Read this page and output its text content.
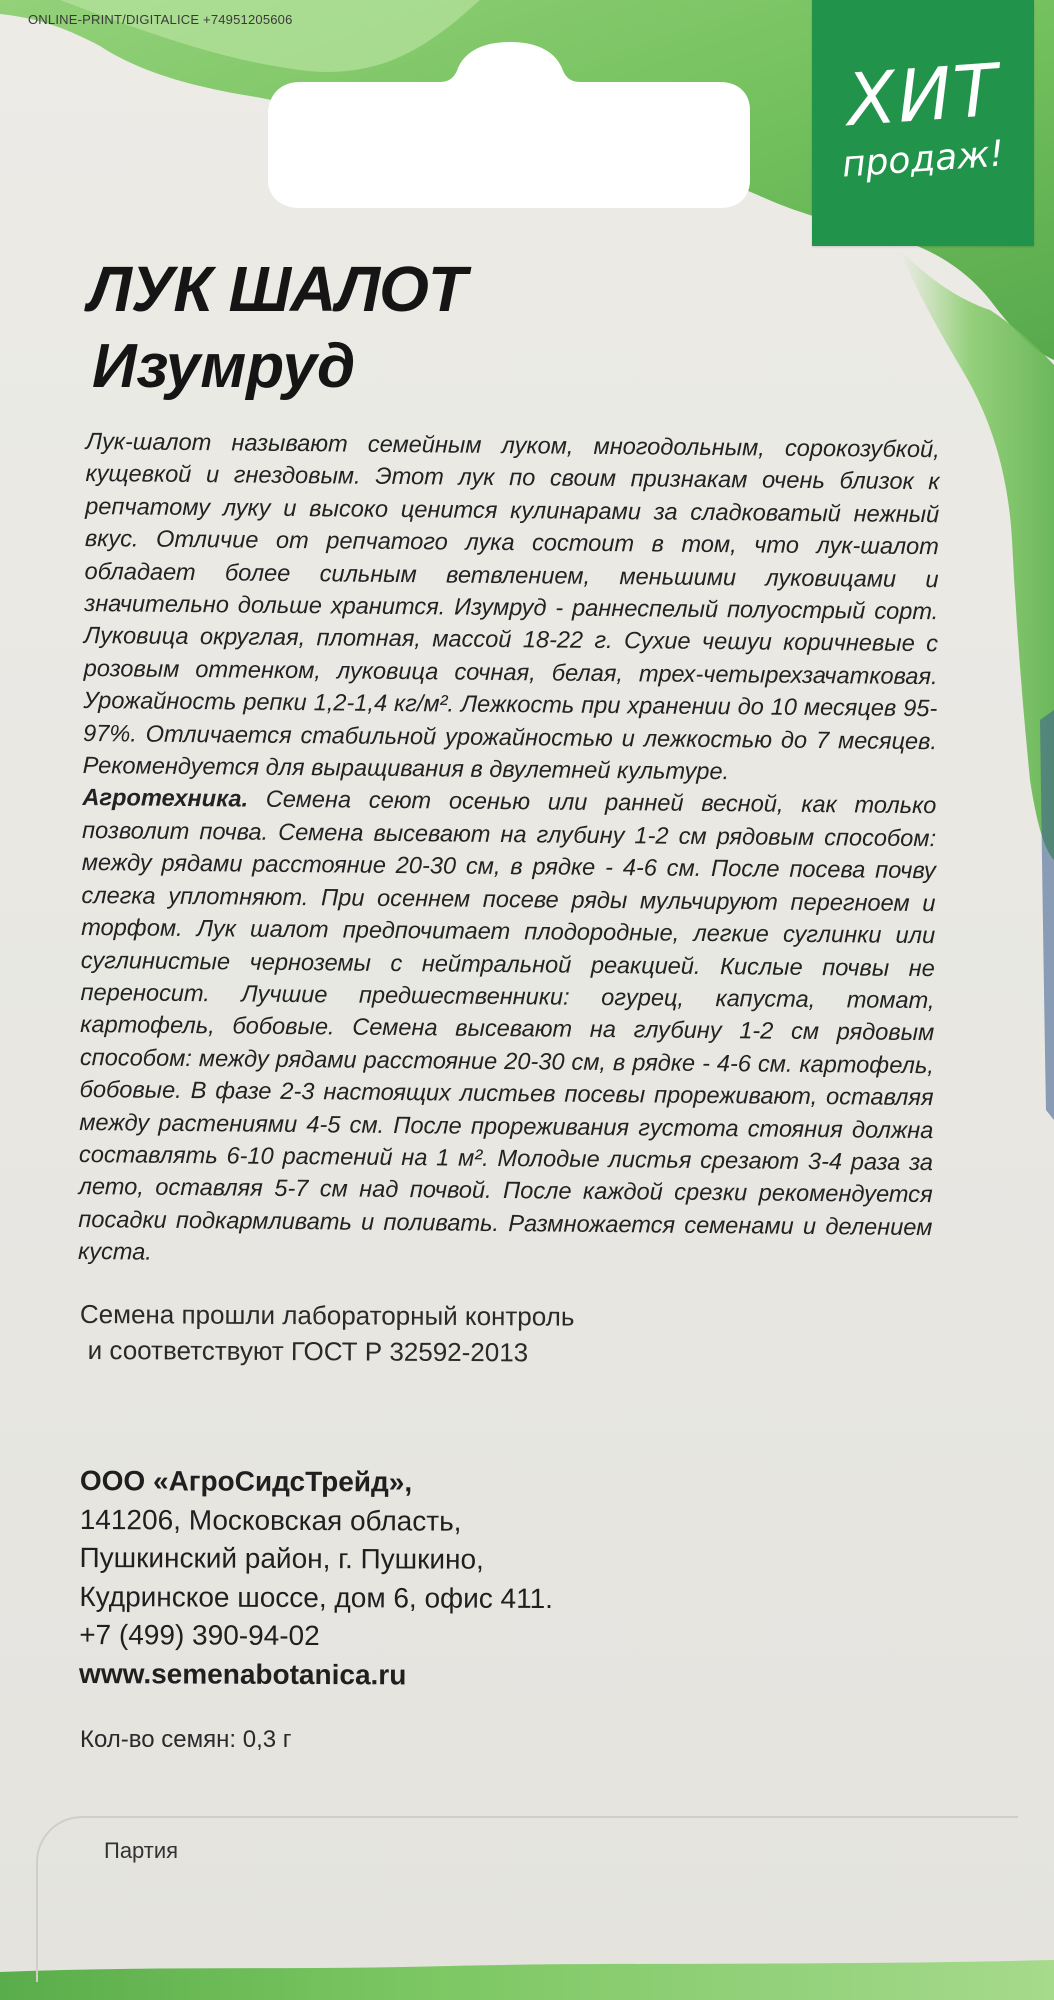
ONLINE-PRINT/DIGITALICE +74951205606
ХИТ
продаж!
ЛУК ШАЛОТ
Изумруд

Лук-шалот называют семейным луком, многодольным, сорокозубкой, кущевкой и гнездовым. Этот лук по своим признакам очень близок к репчатому луку и высоко ценится кулинарами за сладковатый нежный вкус. Отличие от репчатого лука состоит в том, что лук-шалот обладает более сильным ветвлением, меньшими луковицами и значительно дольше хранится. Изумруд - раннеспелый полуострый сорт. Луковица округлая, плотная, массой 18-22 г. Сухие чешуи коричневые с розовым оттенком, луковица сочная, белая, трех-четырехзачатковая. Урожайность репки 1,2-1,4 кг/м². Лежкость при хранении до 10 месяцев 95-97%. Отличается стабильной урожайностью и лежкостью до 7 месяцев. Рекомендуется для выращивания в двулетней культуре.

Агротехника. Семена сеют осенью или ранней весной, как только позволит почва. Семена высевают на глубину 1-2 см рядовым способом: между рядами расстояние 20-30 см, в рядке - 4-6 см. После посева почву слегка уплотняют. При осеннем посеве ряды мульчируют перегноем и торфом. Лук шалот предпочитает плодородные, легкие суглинки или суглинистые черноземы с нейтральной реакцией. Кислые почвы не переносит. Лучшие предшественники: огурец, капуста, томат, картофель, бобовые. Семена высевают на глубину 1-2 см рядовым способом: между рядами расстояние 20-30 см, в рядке - 4-6 см. картофель, бобовые. В фазе 2-3 настоящих листьев посевы прореживают, оставляя между растениями 4-5 см. После прореживания густота стояния должна составлять 6-10 растений на 1 м². Молодые листья срезают 3-4 раза за лето, оставляя 5-7 см над почвой. После каждой срезки рекомендуется посадки подкармливать и поливать. Размножается семенами и делением куста.

Семена прошли лабораторный контроль
и соответствуют ГОСТ Р 32592-2013
ООО «АгроСидсТрейд»,
141206, Московская область,
Пушкинский район, г. Пушкино,
Кудринское шоссе, дом 6, офис 411.
+7 (499) 390-94-02
www.semenabotanica.ru
Кол-во семян: 0,3 г
Партия
